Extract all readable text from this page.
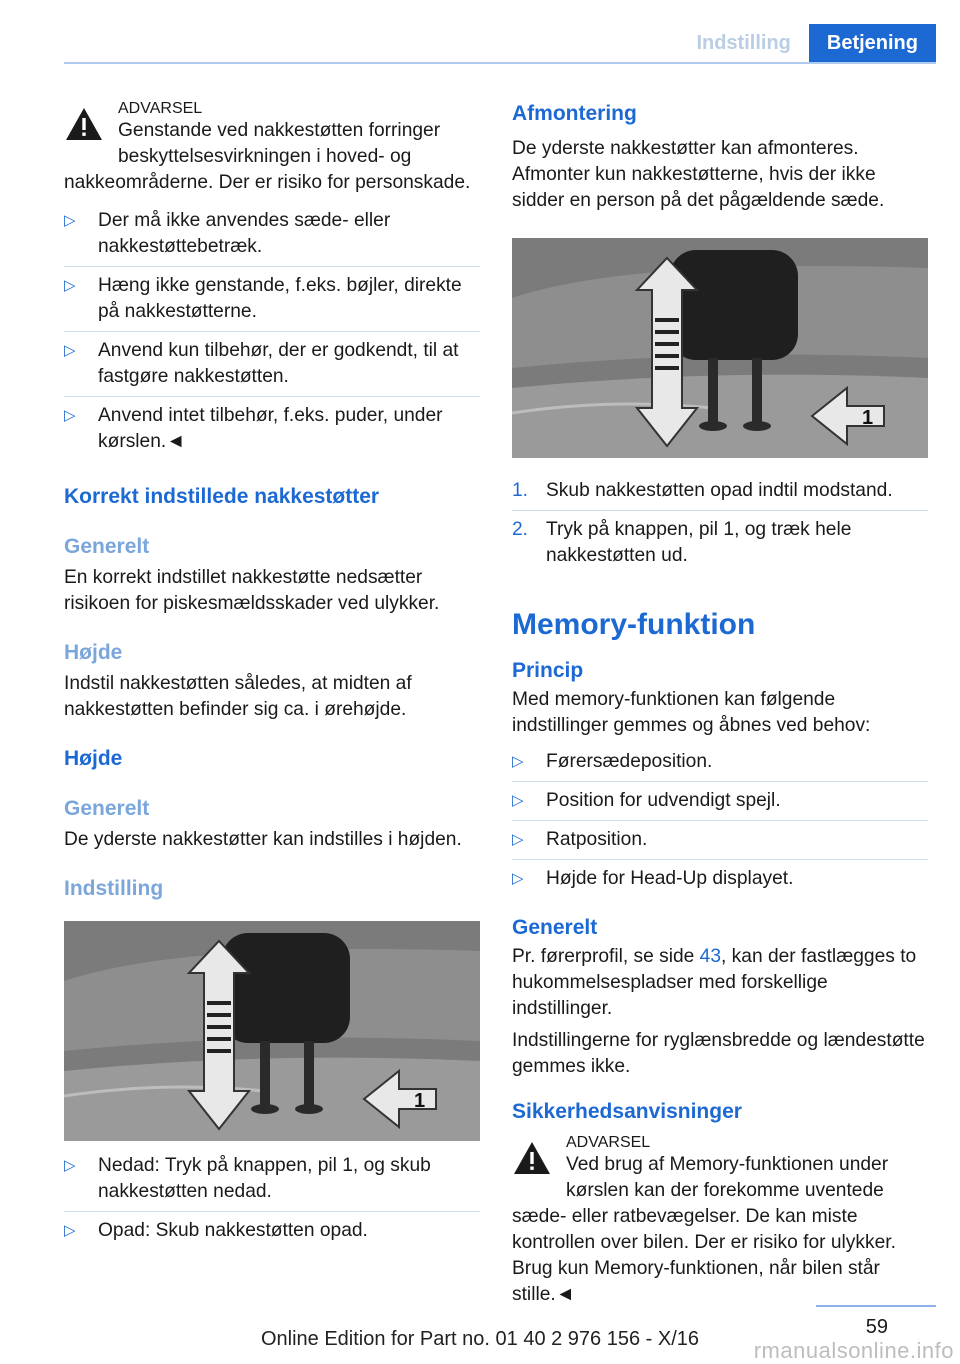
Indstilling	Betjening
ADVARSEL

Genstande ved nakkestøtten forringer beskyttelsesvirkningen i hoved- og nakkeområderne. Der er risiko for personskade.

▷ Der må ikke anvendes sæde- eller nakkestøttebetræk.
▷ Hæng ikke genstande, f.eks. bøjler, direkte på nakkestøtterne.
▷ Anvend kun tilbehør, der er godkendt, til at fastgøre nakkestøtten.
▷ Anvend intet tilbehør, f.eks. puder, under kørslen.◄
Korrekt indstillede nakkestøtter
Generelt

En korrekt indstillet nakkestøtte nedsætter risikoen for piskesmældsskader ved ulykker.

Højde

Indstil nakkestøtten således, at midten af nakkestøtten befinder sig ca. i ørehøjde.

Højde
Generelt

De yderste nakkestøtter kan indstilles i højden.

Indstilling
1
▷ Nedad: Tryk på knappen, pil 1, og skub nakkestøtten nedad.
▷ Opad: Skub nakkestøtten opad.
Afmontering

De yderste nakkestøtter kan afmonteres. Afmonter kun nakkestøtterne, hvis der ikke sidder en person på det pågældende sæde.

1
1. Skub nakkestøtten opad indtil modstand.
2. Tryk på knappen, pil 1, og træk hele nakkestøtten ud.
Memory-funktion
Princip

Med memory-funktionen kan følgende indstillinger gemmes og åbnes ved behov:

▷ Førersædeposition.
▷ Position for udvendigt spejl.
▷ Ratposition.
▷ Højde for Head-Up displayet.
Generelt

Pr. førerprofil, se side 43, kan der fastlægges to hukommelsespladser med forskellige indstillinger.

Indstillingerne for ryglænsbredde og lændestøtte gemmes ikke.

Sikkerhedsanvisninger
ADVARSEL

Ved brug af Memory-funktionen under kørslen kan der forekomme uventede sæde- eller ratbevægelser. De kan miste kontrollen over bilen. Der er risiko for ulykker. Brug kun Memory-funktionen, når bilen står stille.◄

59
Online Edition for Part no. 01 40 2 976 156 - X/16	rmanualsonline.info
